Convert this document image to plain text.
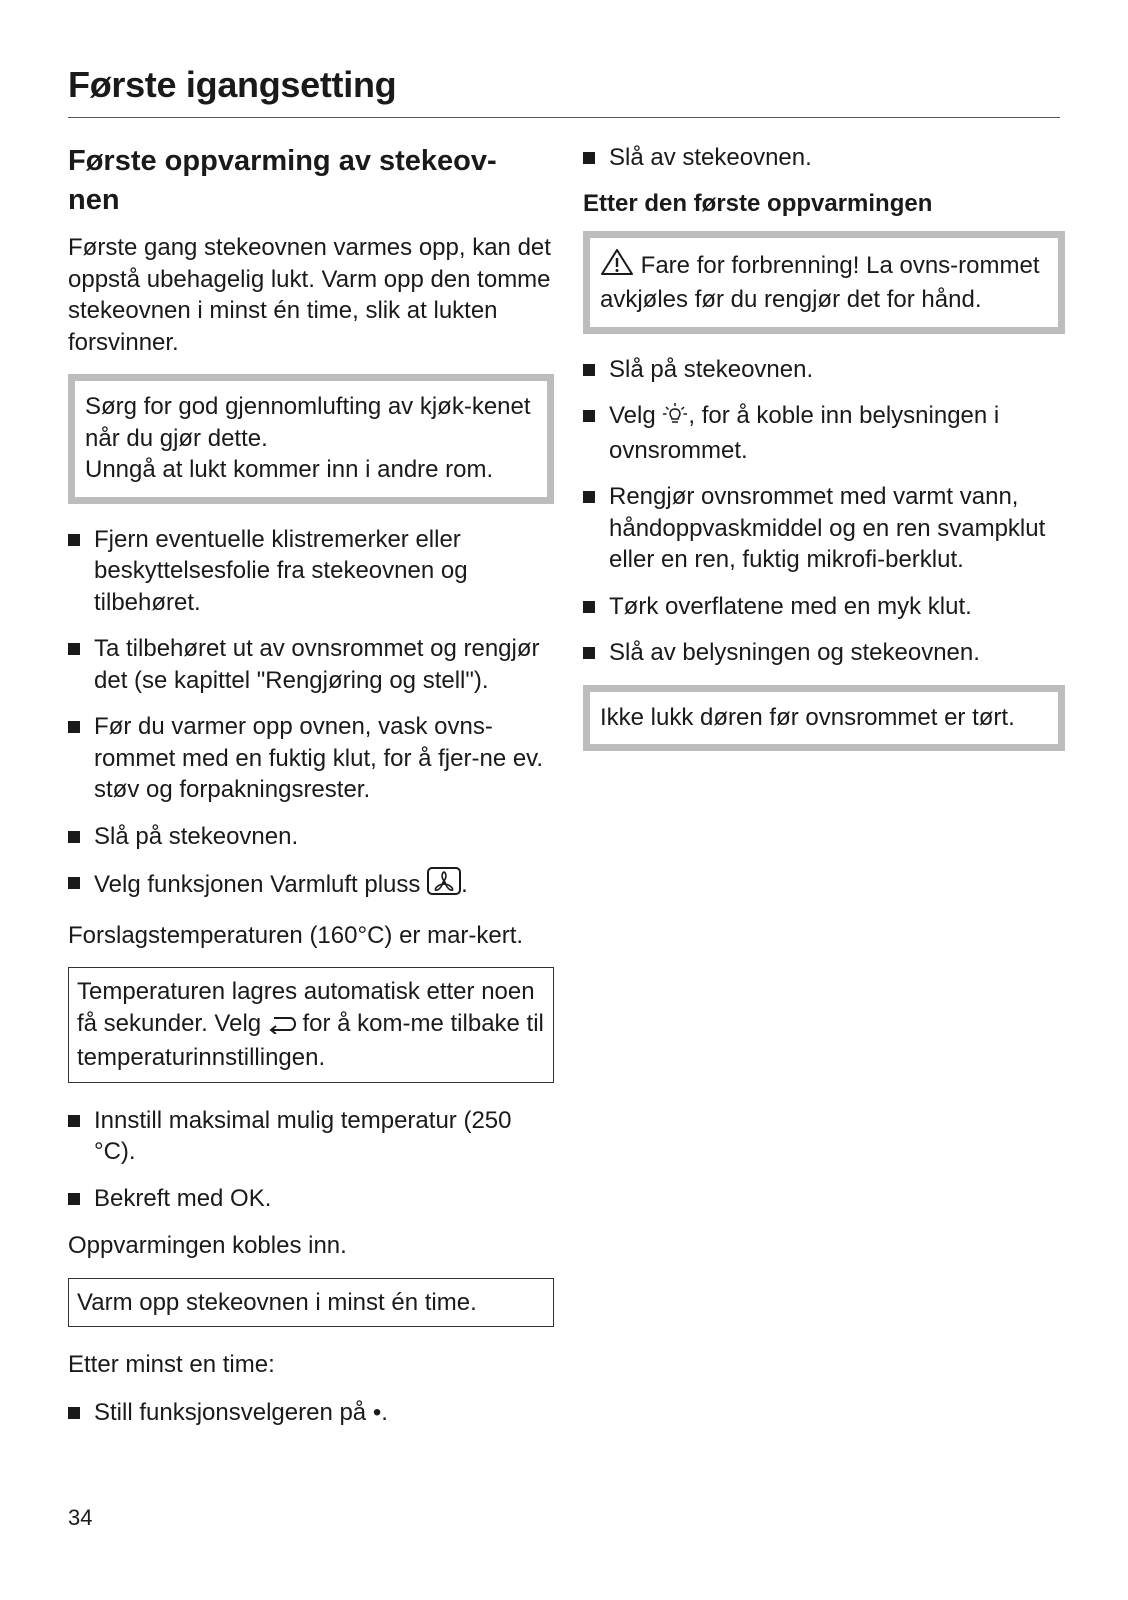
Første igangsetting
Første oppvarming av stekeov-
nen

Første gang stekeovnen varmes opp, kan det oppstå ubehagelig lukt. Varm opp den tomme stekeovnen i minst én time, slik at lukten forsvinner.

Sørg for god gjennomlufting av kjøk-kenet når du gjør dette.

Unngå at lukt kommer inn i andre rom.

Fjern eventuelle klistremerker eller beskyttelsesfolie fra stekeovnen og tilbehøret.
Ta tilbehøret ut av ovnsrommet og rengjør det (se kapittel "Rengjøring og stell").
Før du varmer opp ovnen, vask ovns-rommet med en fuktig klut, for å fjer-ne ev. støv og forpakningsrester.
Slå på stekeovnen.
Velg funksjonen Varmluft pluss .

Forslagstemperaturen (160°C) er mar-kert.

Temperaturen lagres automatisk etter noen få sekunder. Velg for å kom-me tilbake til temperaturinnstillingen.
Innstill maksimal mulig temperatur (250 °C).
Bekreft med OK.

Oppvarmingen kobles inn.

Varm opp stekeovnen i minst én time.

Etter minst en time:

Still funksjonsvelgeren på •.
Slå av stekeovnen.
Etter den første oppvarmingen
Fare for forbrenning! La ovns-rommet avkjøles før du rengjør det for hånd.
Slå på stekeovnen.
Velg , for å koble inn belysningen i ovnsrommet.
Rengjør ovnsrommet med varmt vann, håndoppvaskmiddel og en ren svampklut eller en ren, fuktig mikrofi-berklut.
Tørk overflatene med en myk klut.
Slå av belysningen og stekeovnen.
Ikke lukk døren før ovnsrommet er tørt.
34
